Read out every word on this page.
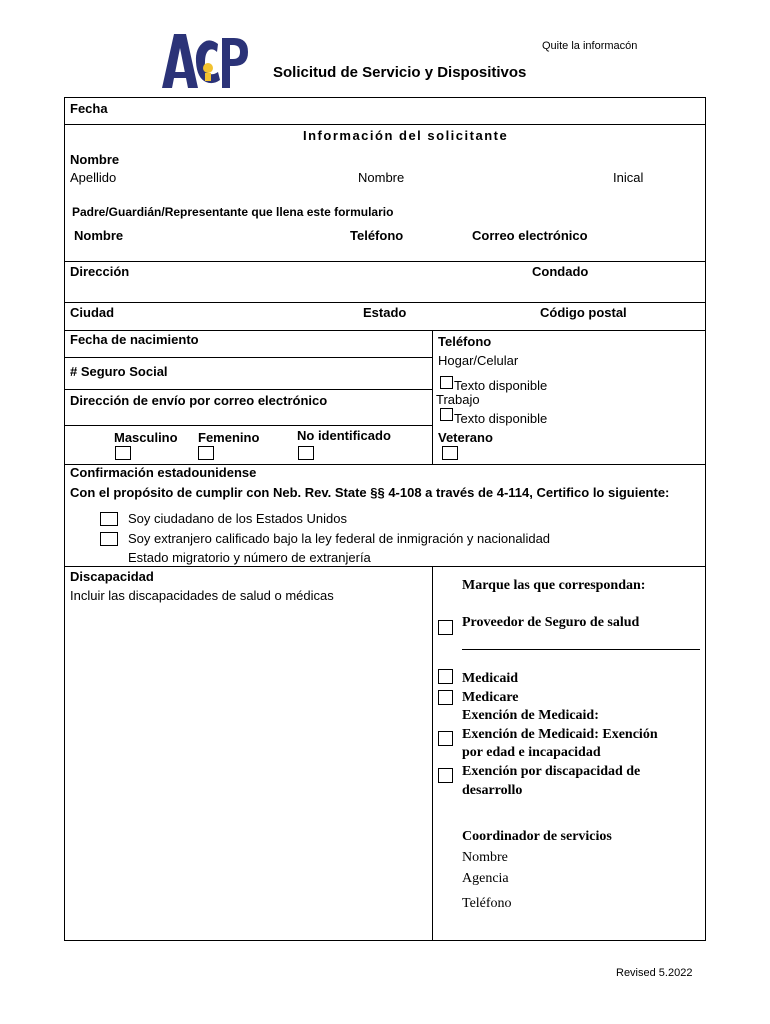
Quite la informacón
Solicitud de Servicio y Dispositivos
Fecha
Información del solicitante
Nombre
Apellido	Nombre	Inical
Padre/Guardián/Representante que llena este formulario
Nombre	Teléfono	Correo electrónico
Dirección	Condado
Ciudad	Estado	Código postal
Fecha de nacimiento
# Seguro Social
Dirección de envío por correo electrónico
Masculino Femenino	No identificado
Teléfono
Hogar/Celular
Texto disponible
Trabajo
Texto disponible
Veterano
Confirmación estadounidense
Con el propósito de cumplir con Neb. Rev. State §§ 4-108 a través de 4-114, Certifico lo siguiente:
Soy ciudadano de los Estados Unidos
Soy extranjero calificado bajo la ley federal de inmigración y nacionalidad
Estado migratorio y número de extranjería
Discapacidad
Incluir las discapacidades de salud o médicas
Marque las que correspondan:
Proveedor de Seguro de salud
Medicaid
Medicare
Exención de Medicaid:
Exención de Medicaid: Exención
por edad e incapacidad
Exención por discapacidad de
desarrollo
Coordinador de servicios
Nombre
Agencia
Teléfono
Revised 5.2022
